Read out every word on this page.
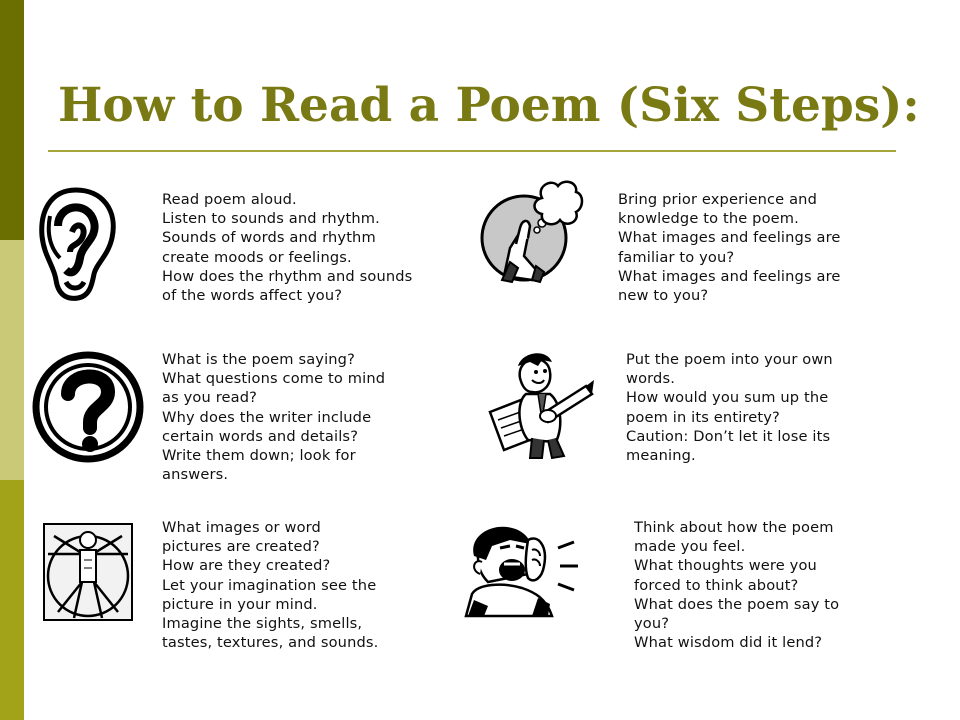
How to Read a Poem (Six Steps):
Read poem aloud.
Listen to sounds and rhythm.
Sounds of words and rhythm
create moods or feelings.
How does the rhythm and sounds
of the words affect you?
Bring prior experience and
knowledge to the poem.
What images and feelings are
familiar to you?
What images and feelings are
new to you?
What is the poem saying?
What questions come to mind
as you read?
Why does the writer include
certain words and details?
Write them down; look for
answers.
Put the poem into your own
words.
How would you sum up the
poem in its entirety?
Caution: Don’t let it lose its
meaning.
What images or word
pictures are created?
How are they created?
Let your imagination see the
picture in your mind.
Imagine the sights, smells,
tastes, textures, and sounds.
Think about how the poem
made you feel.
What thoughts were you
forced to think about?
What does the poem say to
you?
What wisdom did it lend?
